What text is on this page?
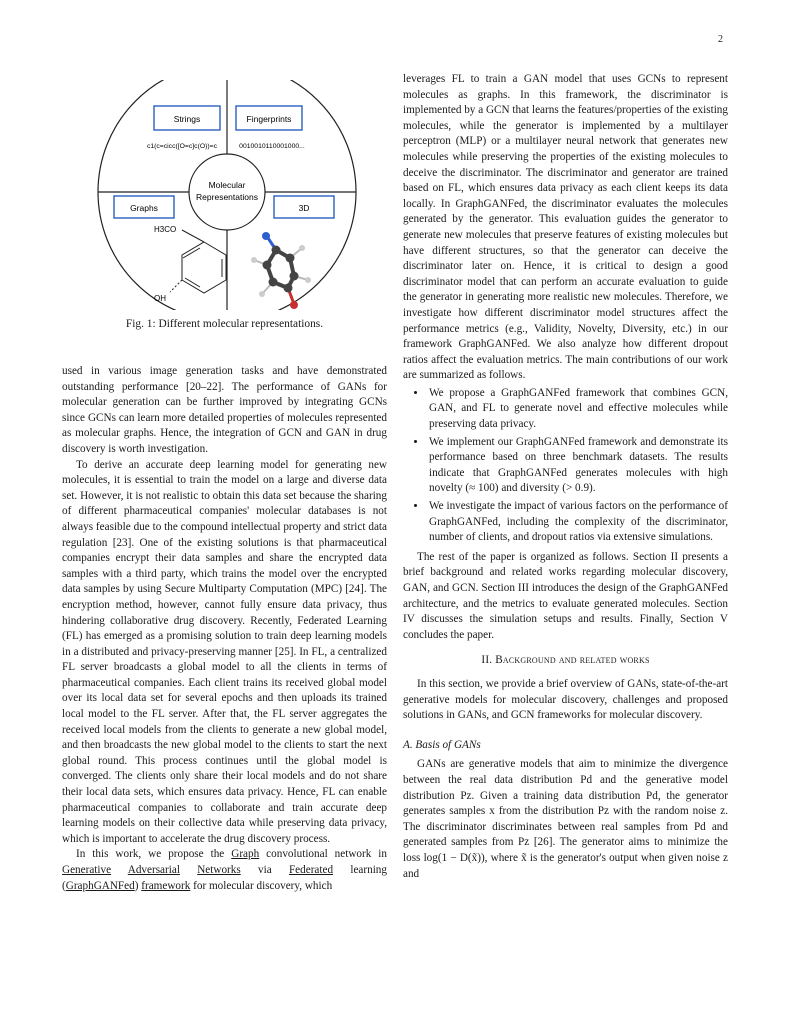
2
Molecular
Representations
Strings	Fingerprints
c1(c=cicc([O=c]c(O))=c	0010010110001000...
Graphs	3D
H3CO
OH
Fig. 1: Different molecular representations.

used in various image generation tasks and have demonstrated outstanding performance [20–22]. The performance of GANs for molecular generation can be further improved by integrating GCNs since GCNs can learn more detailed properties of molecules represented as molecular graphs. Hence, the integration of GCN and GAN in drug discovery is worth investigation.

To derive an accurate deep learning model for generating new molecules, it is essential to train the model on a large and diverse data set. However, it is not realistic to obtain this data set because the sharing of different pharmaceutical companies' molecular databases is not always feasible due to the compound intellectual property and strict data regulation [23]. One of the existing solutions is that pharmaceutical companies encrypt their data samples and share the encrypted data samples with a third party, which trains the model over the encrypted data samples by using Secure Multiparty Computation (MPC) [24]. The encryption method, however, cannot fully ensure data privacy, thus hindering collaborative drug discovery. Recently, Federated Learning (FL) has emerged as a promising solution to train deep learning models in a distributed and privacy-preserving manner [25]. In FL, a centralized FL server broadcasts a global model to all the clients in terms of pharmaceutical companies. Each client trains its received global model over its local data set for several epochs and then uploads its trained local model to the FL server. After that, the FL server aggregates the received local models from the clients to generate a new global model, and then broadcasts the new global model to the clients to start the next global round. This process continues until the global model is converged. The clients only share their local models and do not share their local data sets, which ensures data privacy. Hence, FL can enable pharmaceutical companies to collaborate and train accurate deep learning models on their collective data while preserving data privacy, which is important to accelerate the drug discovery process.

In this work, we propose the Graph convolutional network in Generative Adversarial Networks via Federated learning (GraphGANFed) framework for molecular discovery, which

leverages FL to train a GAN model that uses GCNs to represent molecules as graphs. In this framework, the discriminator is implemented by a GCN that learns the features/properties of the existing molecules, while the generator is implemented by a multilayer perceptron (MLP) or a multilayer neural network that generates new molecules while preserving the properties of the existing molecules to deceive the discriminator. The discriminator and generator are trained based on FL, which ensures data privacy as each client keeps its data locally. In GraphGANFed, the discriminator evaluates the molecules generated by the generator. This evaluation guides the generator to generate new molecules that preserve features of existing molecules but have different structures, so that the generator can deceive the discriminator later on. Hence, it is critical to design a good discriminator model that can perform an accurate evaluation to guide the generator in generating more realistic new molecules. Therefore, we investigate how different discriminator model structures affect the performance metrics (e.g., Validity, Novelty, Diversity, etc.) in our framework GraphGANFed. We also analyze how different dropout ratios affect the evaluation metrics. The main contributions of our work are summarized as follows.

• We propose a GraphGANFed framework that combines GCN, GAN, and FL to generate novel and effective molecules while preserving data privacy.
• We implement our GraphGANFed framework and demonstrate its performance based on three benchmark datasets. The results indicate that GraphGANFed generates molecules with high novelty (≈ 100) and diversity (> 0.9).
• We investigate the impact of various factors on the performance of GraphGANFed, including the complexity of the discriminator, number of clients, and dropout ratios via extensive simulations.

The rest of the paper is organized as follows. Section II presents a brief background and related works regarding molecular discovery, GAN, and GCN. Section III introduces the design of the GraphGANFed architecture, and the metrics to evaluate generated molecules. Section IV discusses the simulation setups and results. Finally, Section V concludes the paper.

II. Background and related works

In this section, we provide a brief overview of GANs, state-of-the-art generative models for molecular discovery, challenges and proposed solutions in GANs, and GCN frameworks for molecular discovery.

A. Basis of GANs

GANs are generative models that aim to minimize the divergence between the real data distribution Pd and the generative model distribution Pz. Given a training data distribution Pd, the generator generates samples x from the distribution Pz with the random noise z. The discriminator discriminates between real samples from Pd and generated samples from Pz [26]. The generator aims to minimize the loss log(1 − D(x̃)), where x̃ is the generator's output when given noise z and
